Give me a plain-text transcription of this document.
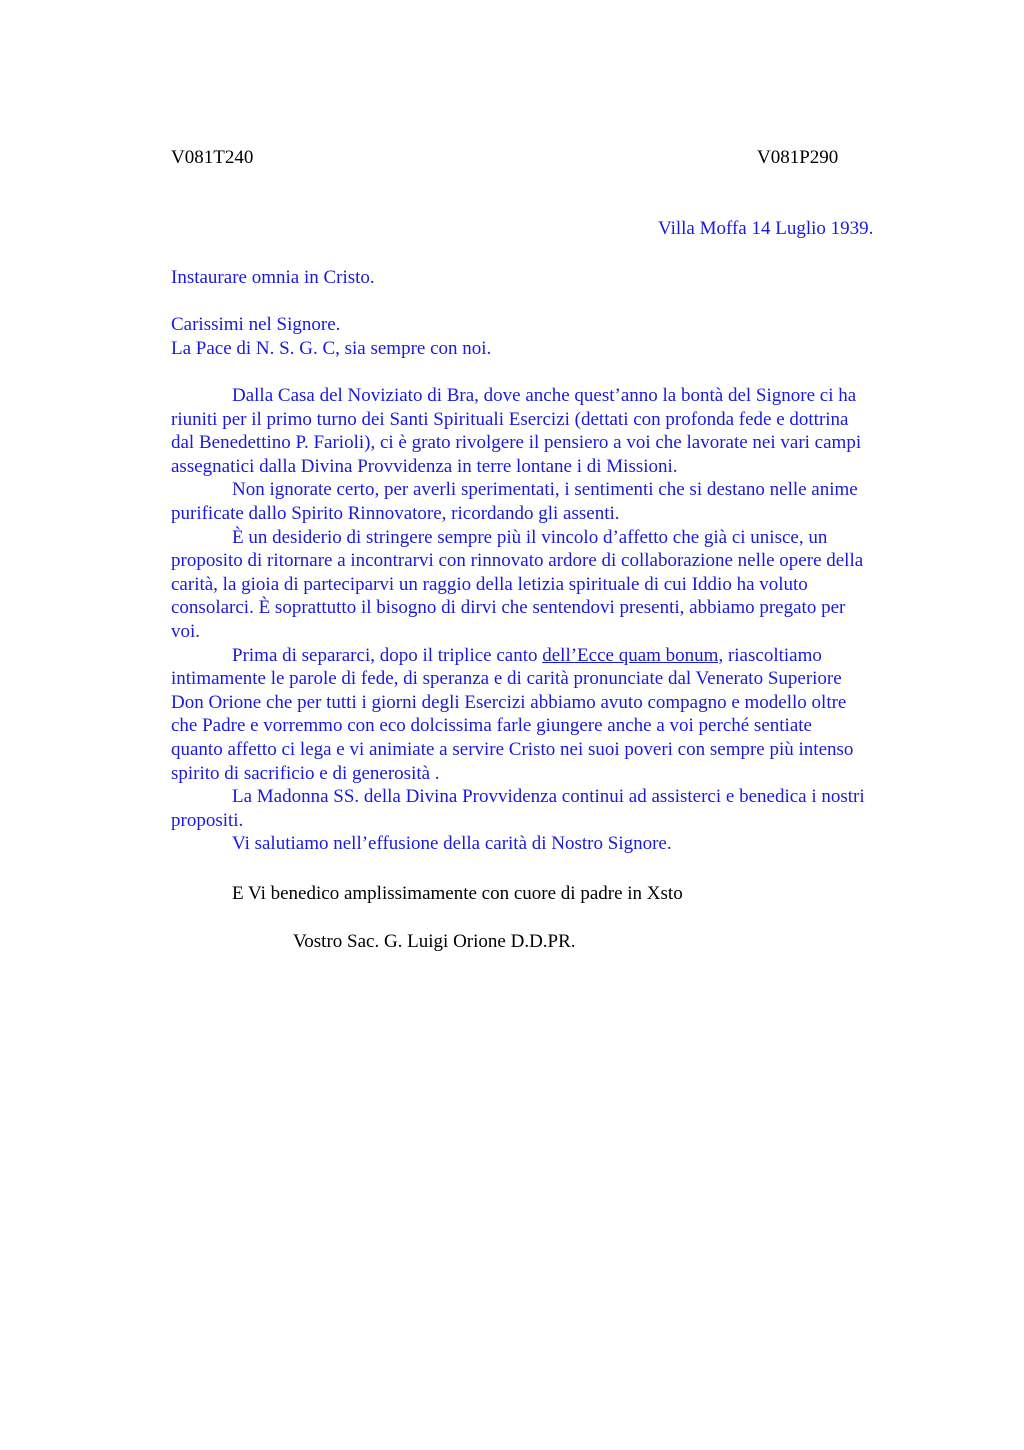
V081T240	V081P290
Villa Moffa 14 Luglio 1939.
Instaurare omnia in Cristo.
Carissimi nel Signore.
La Pace di N. S. G. C, sia sempre con noi.
Dalla Casa del Noviziato di Bra, dove anche quest’anno la bontà del Signore ci ha
riuniti per il primo turno dei Santi Spirituali Esercizi (dettati con profonda fede e dottrina
dal Benedettino P. Farioli), ci è grato rivolgere il pensiero a voi che lavorate nei vari campi
assegnatici dalla Divina Provvidenza in terre lontane i di Missioni.
Non ignorate certo, per averli sperimentati, i sentimenti che si destano nelle anime
purificate dallo Spirito Rinnovatore, ricordando gli assenti.
È un desiderio di stringere sempre più il vincolo d’affetto che già ci unisce, un
proposito di ritornare a incontrarvi con rinnovato ardore di collaborazione nelle opere della
carità, la gioia di parteciparvi un raggio della letizia spirituale di cui Iddio ha voluto
consolarci. È soprattutto il bisogno di dirvi che sentendovi presenti, abbiamo pregato per
voi.
Prima di separarci, dopo il triplice canto dell’Ecce quam bonum, riascoltiamo
intimamente le parole di fede, di speranza e di carità pronunciate dal Venerato Superiore
Don Orione che per tutti i giorni degli Esercizi abbiamo avuto compagno e modello oltre
che Padre e vorremmo con eco dolcissima farle giungere anche a voi perché sentiate
quanto affetto ci lega e vi animiate a servire Cristo nei suoi poveri con sempre più intenso
spirito di sacrificio e di generosità .
La Madonna SS. della Divina Provvidenza continui ad assisterci e benedica i nostri
propositi.
Vi salutiamo nell’effusione della carità di Nostro Signore.
E Vi benedico amplissimamente con cuore di padre in Xsto
Vostro Sac. G. Luigi Orione D.D.PR.
